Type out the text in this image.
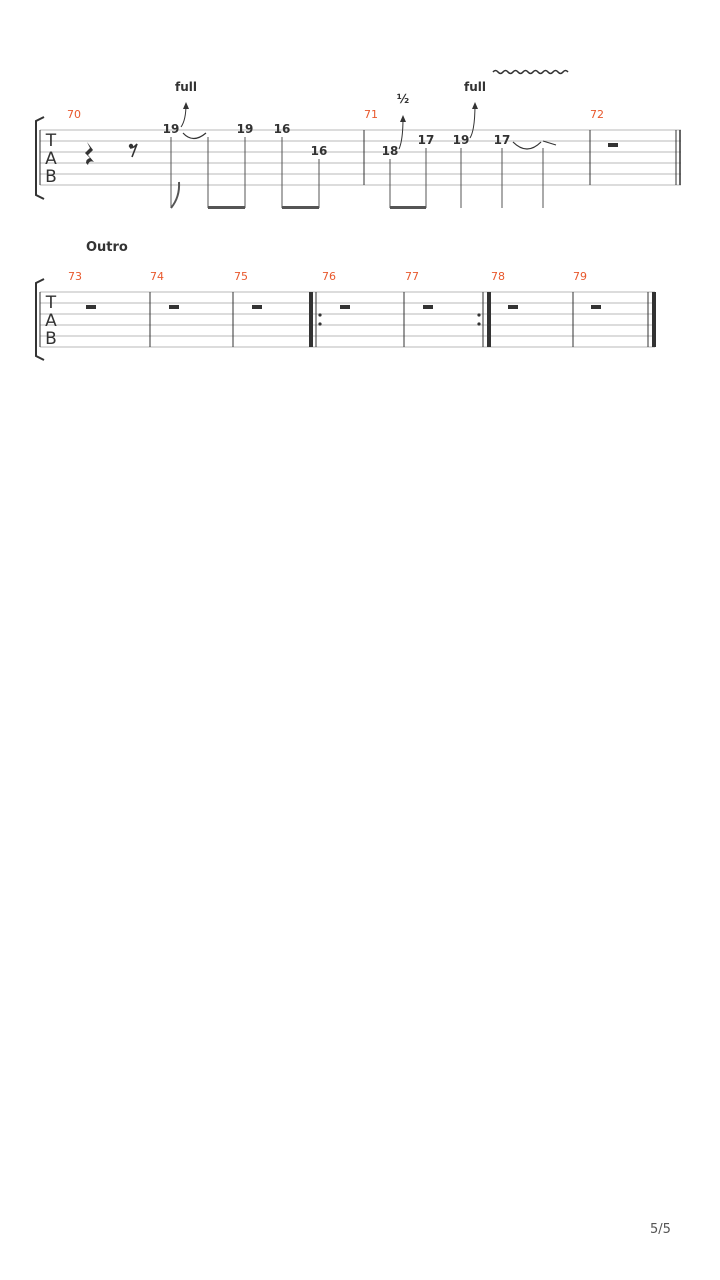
T
A
B
70	71	72
full
½
full
19	19 16
16	18
17 19 17
Outro
T
A
B
73	74	75	76	77	78	79
5/5
